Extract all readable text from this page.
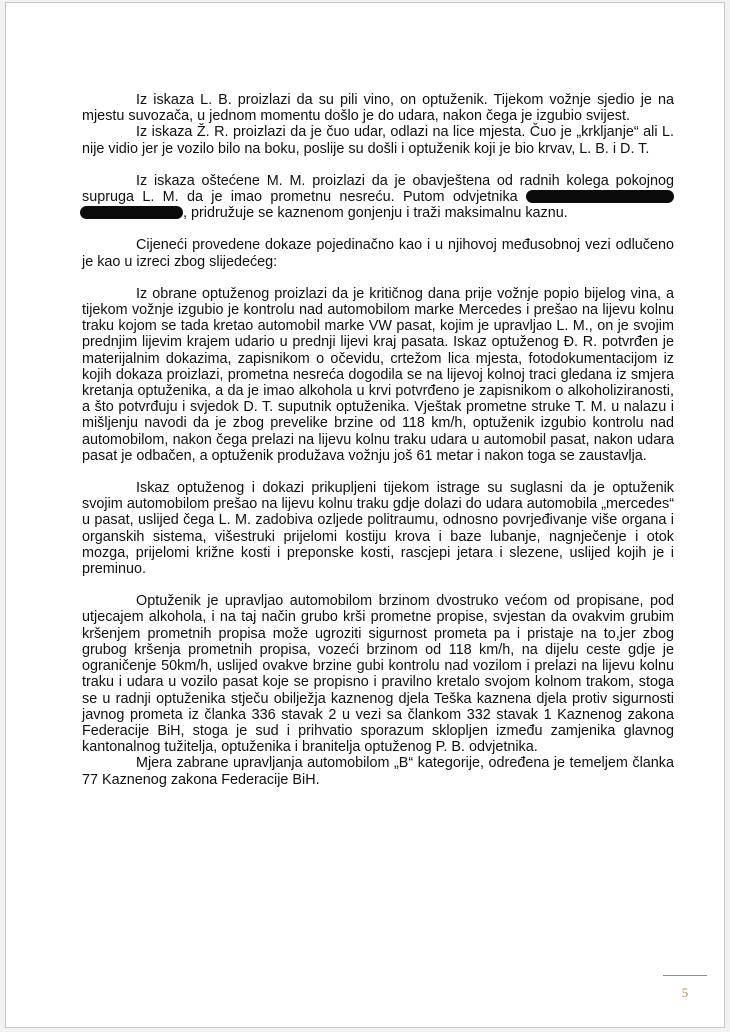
Iz iskaza L. B. proizlazi da su pili vino, on optuženik. Tijekom vožnje sjedio je na mjestu suvozača, u jednom momentu došlo je do udara, nakon čega je izgubio svijest.

Iz iskaza Ž. R. proizlazi da je čuo udar, odlazi na lice mjesta. Čuo je „krkljanje“ ali L. nije vidio jer je vozilo bilo na boku, poslije su došli i optuženik koji je bio krvav, L. B. i D. T.

Iz iskaza oštećene M. M. proizlazi da je obavještena od radnih kolega pokojnog supruga L. M. da je imao prometnu nesreću. Putom odvjetnika  , pridružuje se kaznenom gonjenju i traži maksimalnu kaznu.

Cijeneći provedene dokaze pojedinačno kao i u njihovoj međusobnoj vezi odlučeno je kao u izreci zbog slijedećeg:

Iz obrane optuženog proizlazi da je kritičnog dana prije vožnje popio bijelog vina, a tijekom vožnje izgubio je kontrolu nad automobilom marke Mercedes i prešao na lijevu kolnu traku kojom se tada kretao automobil marke VW pasat, kojim je upravljao L. M., on je svojim prednjim lijevim krajem udario u prednji lijevi kraj pasata. Iskaz optuženog Đ. R. potvrđen je materijalnim dokazima, zapisnikom o očevidu, crtežom lica mjesta, fotodokumentacijom iz kojih dokaza proizlazi, prometna nesreća dogodila se na lijevoj kolnoj traci gledana iz smjera kretanja optuženika, a da je imao alkohola u krvi potvrđeno je zapisnikom o alkoholiziranosti, a što potvrđuju i svjedok D. T. suputnik optuženika. Vještak prometne struke T. M. u nalazu i mišljenju navodi da je zbog prevelike brzine od 118 km/h, optuženik izgubio kontrolu nad automobilom, nakon čega prelazi na lijevu kolnu traku udara u automobil pasat, nakon udara pasat je odbačen, a optuženik produžava vožnju još 61 metar i nakon toga se zaustavlja.

Iskaz optuženog i dokazi prikupljeni tijekom istrage su suglasni da je optuženik svojim automobilom prešao na lijevu kolnu traku gdje dolazi do udara automobila „mercedes“ u pasat, uslijed čega L. M. zadobiva ozljede politraumu, odnosno povrjeđivanje više organa i organskih sistema, višestruki prijelomi kostiju krova i baze lubanje, nagnječenje i otok mozga, prijelomi križne kosti i preponske kosti, rascjepi jetara i slezene, uslijed kojih je i preminuo.

Optuženik je upravljao automobilom brzinom dvostruko većom od propisane, pod utjecajem alkohola, i na taj način grubo krši prometne propise, svjestan da ovakvim grubim kršenjem prometnih propisa može ugroziti sigurnost prometa pa i pristaje na to,jer zbog grubog kršenja prometnih propisa, vozeći brzinom od 118 km/h, na dijelu ceste gdje je ograničenje 50km/h, uslijed ovakve brzine gubi kontrolu nad vozilom i prelazi na lijevu kolnu traku i udara u vozilo pasat koje se propisno i pravilno kretalo svojom kolnom trakom, stoga se u radnji optuženika stječu obilježja kaznenog djela Teška kaznena djela protiv sigurnosti javnog prometa iz članka 336 stavak 2 u vezi sa člankom 332 stavak 1 Kaznenog zakona Federacije BiH, stoga je sud i prihvatio sporazum sklopljen između zamjenika glavnog kantonalnog tužitelja, optuženika i branitelja optuženog P. B. odvjetnika.

Mjera zabrane upravljanja automobilom „B“ kategorije, određena je temeljem članka 77 Kaznenog zakona Federacije BiH.

5
